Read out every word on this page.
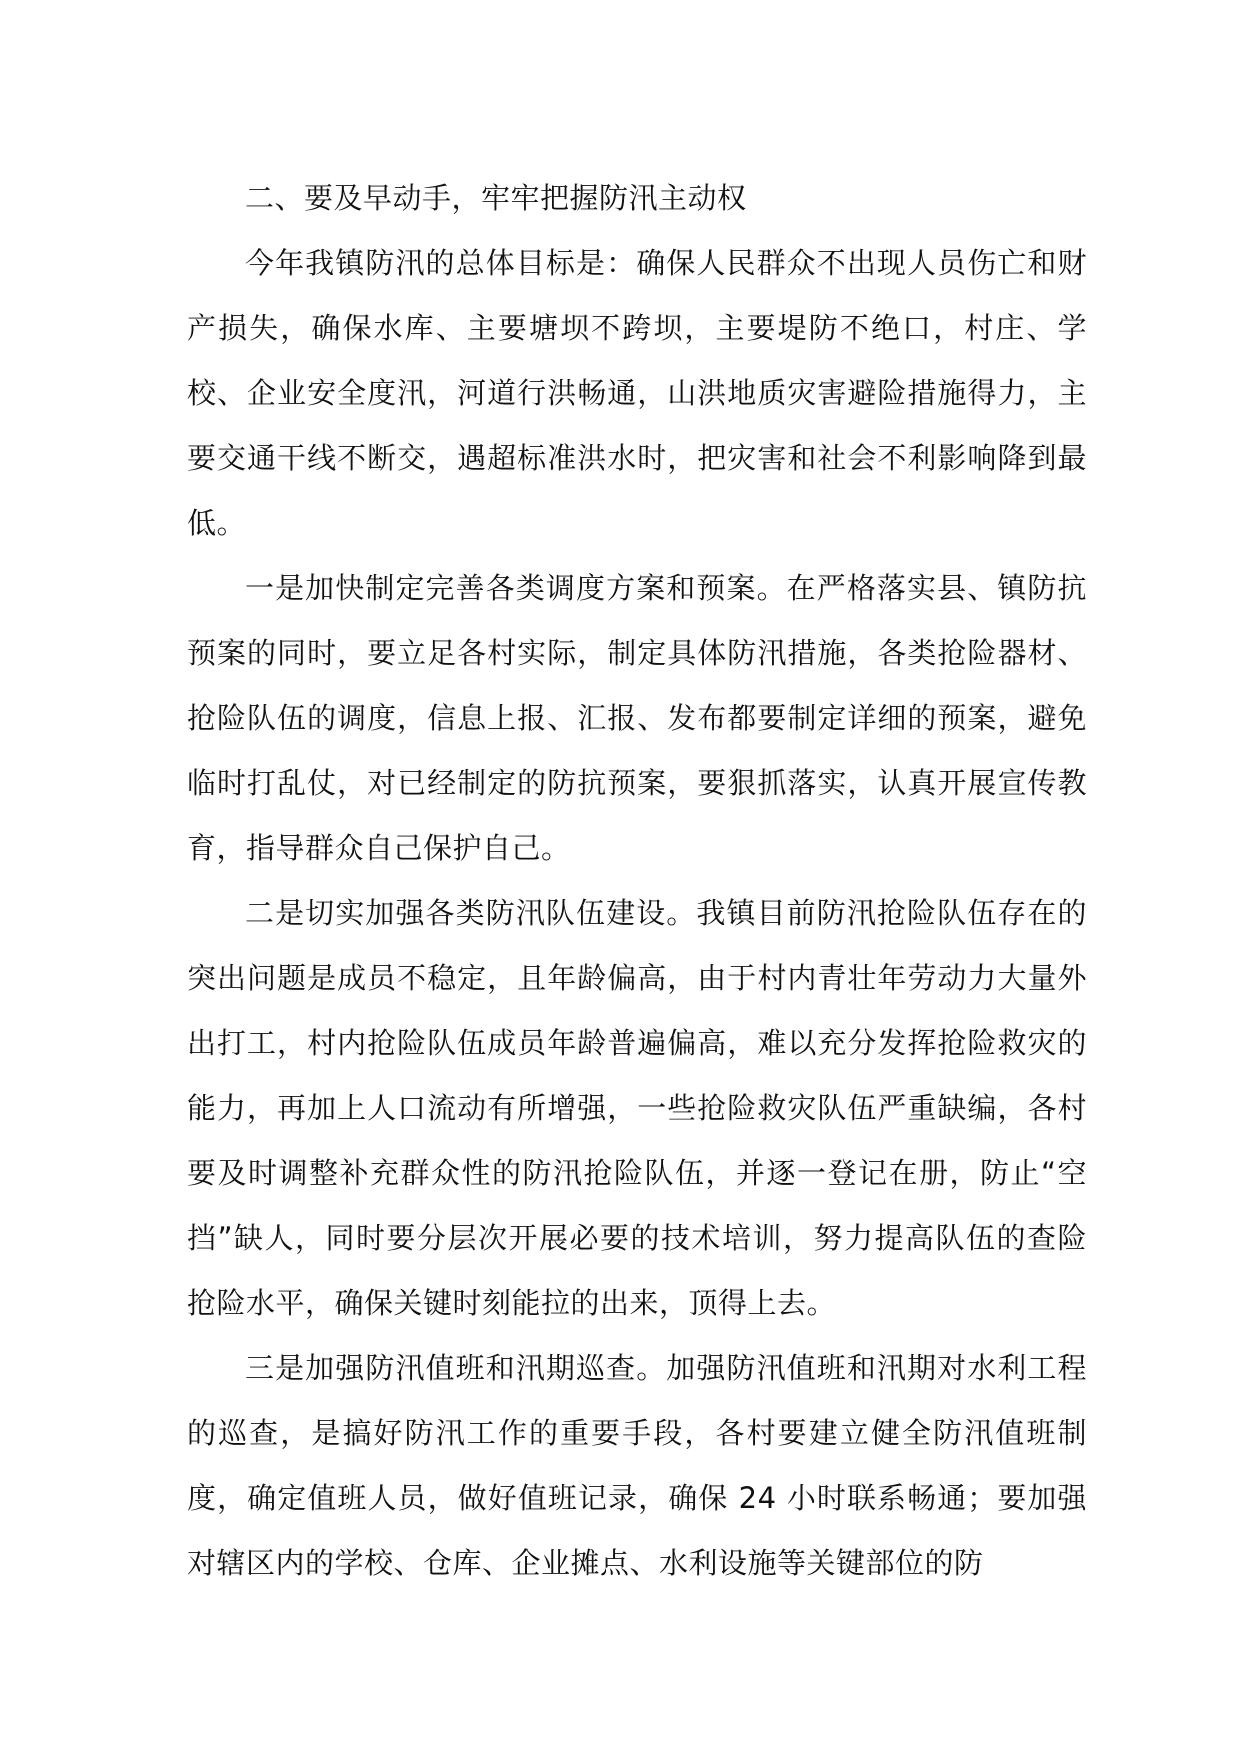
二、要及早动手，牢牢把握防汛主动权

今年我镇防汛的总体目标是：确保人民群众不出现人员伤亡和财产损失，确保水库、主要塘坝不跨坝，主要堤防不绝口，村庄、学校、企业安全度汛，河道行洪畅通，山洪地质灾害避险措施得力，主要交通干线不断交，遇超标准洪水时，把灾害和社会不利影响降到最低。

一是加快制定完善各类调度方案和预案。在严格落实县、镇防抗预案的同时，要立足各村实际，制定具体防汛措施，各类抢险器材、抢险队伍的调度，信息上报、汇报、发布都要制定详细的预案，避免临时打乱仗，对已经制定的防抗预案，要狠抓落实，认真开展宣传教育，指导群众自己保护自己。

二是切实加强各类防汛队伍建设。我镇目前防汛抢险队伍存在的突出问题是成员不稳定，且年龄偏高，由于村内青壮年劳动力大量外出打工，村内抢险队伍成员年龄普遍偏高，难以充分发挥抢险救灾的能力，再加上人口流动有所增强，一些抢险救灾队伍严重缺编，各村要及时调整补充群众性的防汛抢险队伍，并逐一登记在册，防止“空挡”缺人，同时要分层次开展必要的技术培训，努力提高队伍的查险抢险水平，确保关键时刻能拉的出来，顶得上去。

三是加强防汛值班和汛期巡查。加强防汛值班和汛期对水利工程的巡查，是搞好防汛工作的重要手段，各村要建立健全防汛值班制度，确定值班人员，做好值班记录，确保 24 小时联系畅通；要加强对辖区内的学校、仓库、企业摊点、水利设施等关键部位的防
